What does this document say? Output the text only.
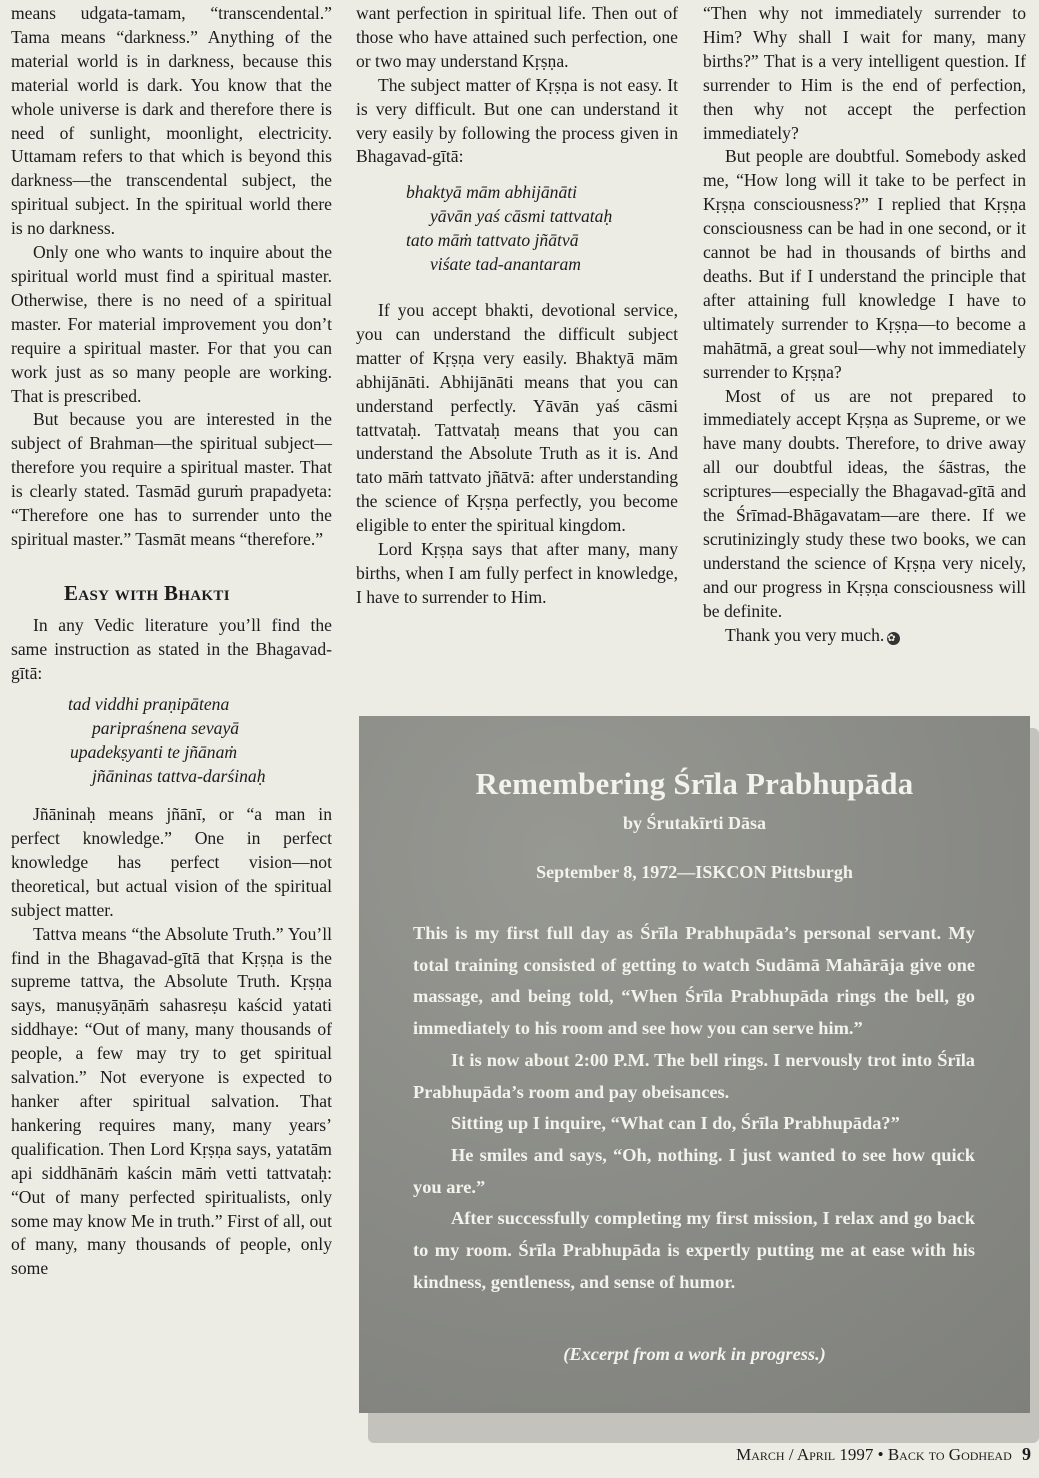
means udgata-tamam, “transcendental.” Tama means “darkness.” Anything of the material world is in darkness, because this material world is dark. You know that the whole universe is dark and therefore there is need of sunlight, moonlight, electricity. Uttamam refers to that which is beyond this darkness—the transcendental subject, the spiritual subject. In the spiritual world there is no darkness.

Only one who wants to inquire about the spiritual world must find a spiritual master. Otherwise, there is no need of a spiritual master. For material improvement you don’t require a spiritual master. For that you can work just as so many people are working. That is prescribed.

But because you are interested in the subject of Brahman—the spiritual subject—therefore you require a spiritual master. That is clearly stated. Tasmād guruṁ prapadyeta: “Therefore one has to surrender unto the spiritual master.” Tasmāt means “therefore.”

Easy with Bhakti

In any Vedic literature you’ll find the same instruction as stated in the Bhagavad-gītā:

tad viddhi praṇipātena
paripraśnena sevayā
upadekṣyanti te jñānaṁ
jñāninas tattva-darśinaḥ

Jñāninaḥ means jñānī, or “a man in perfect knowledge.” One in perfect knowledge has perfect vision—not theoretical, but actual vision of the spiritual subject matter.

Tattva means “the Absolute Truth.” You’ll find in the Bhagavad-gītā that Kṛṣṇa is the supreme tattva, the Absolute Truth. Kṛṣṇa says, manuṣyāṇāṁ sahasreṣu kaścid yatati siddhaye: “Out of many, many thousands of people, a few may try to get spiritual salvation.” Not everyone is expected to hanker after spiritual salvation. That hankering requires many, many years’ qualification. Then Lord Kṛṣṇa says, yatatām api siddhānāṁ kaścin māṁ vetti tattvataḥ: “Out of many perfected spiritualists, only some may know Me in truth.” First of all, out of many, many thousands of people, only some

want perfection in spiritual life. Then out of those who have attained such perfection, one or two may understand Kṛṣṇa.

The subject matter of Kṛṣṇa is not easy. It is very difficult. But one can understand it very easily by following the process given in Bhagavad-gītā:

bhaktyā mām abhijānāti
yāvān yaś cāsmi tattvataḥ
tato māṁ tattvato jñātvā
viśate tad-anantaram

If you accept bhakti, devotional service, you can understand the difficult subject matter of Kṛṣṇa very easily. Bhaktyā mām abhijānāti. Abhijānāti means that you can understand perfectly. Yāvān yaś cāsmi tattvataḥ. Tattvataḥ means that you can understand the Absolute Truth as it is. And tato māṁ tattvato jñātvā: after understanding the science of Kṛṣṇa perfectly, you become eligible to enter the spiritual kingdom.

Lord Kṛṣṇa says that after many, many births, when I am fully perfect in knowledge, I have to surrender to Him.

“Then why not immediately surrender to Him? Why shall I wait for many, many births?” That is a very intelligent question. If surrender to Him is the end of perfection, then why not accept the perfection immediately?

But people are doubtful. Somebody asked me, “How long will it take to be perfect in Kṛṣṇa consciousness?” I replied that Kṛṣṇa consciousness can be had in one second, or it cannot be had in thousands of births and deaths. But if I understand the principle that after attaining full knowledge I have to ultimately surrender to Kṛṣṇa—to become a mahātmā, a great soul—why not immediately surrender to Kṛṣṇa?

Most of us are not prepared to immediately accept Kṛṣṇa as Supreme, or we have many doubts. Therefore, to drive away all our doubtful ideas, the śāstras, the scriptures—especially the Bhagavad-gītā and the Śrīmad-Bhāgavatam—are there. If we scrutinizingly study these two books, we can understand the science of Kṛṣṇa very nicely, and our progress in Kṛṣṇa consciousness will be definite.

Thank you very much. ✿

Remembering Śrīla Prabhupāda
by Śrutakīrti Dāsa
September 8, 1972—ISKCON Pittsburgh

This is my first full day as Śrīla Prabhupāda’s personal servant. My total training consisted of getting to watch Sudāmā Mahārāja give one massage, and being told, “When Śrīla Prabhupāda rings the bell, go immediately to his room and see how you can serve him.”

It is now about 2:00 P.M. The bell rings. I nervously trot into Śrīla Prabhupāda’s room and pay obeisances.

Sitting up I inquire, “What can I do, Śrīla Prabhupāda?”

He smiles and says, “Oh, nothing. I just wanted to see how quick you are.”

After successfully completing my first mission, I relax and go back to my room. Śrīla Prabhupāda is expertly putting me at ease with his kindness, gentleness, and sense of humor.

(Excerpt from a work in progress.)
March / April 1997 • Back to Godhead 9
